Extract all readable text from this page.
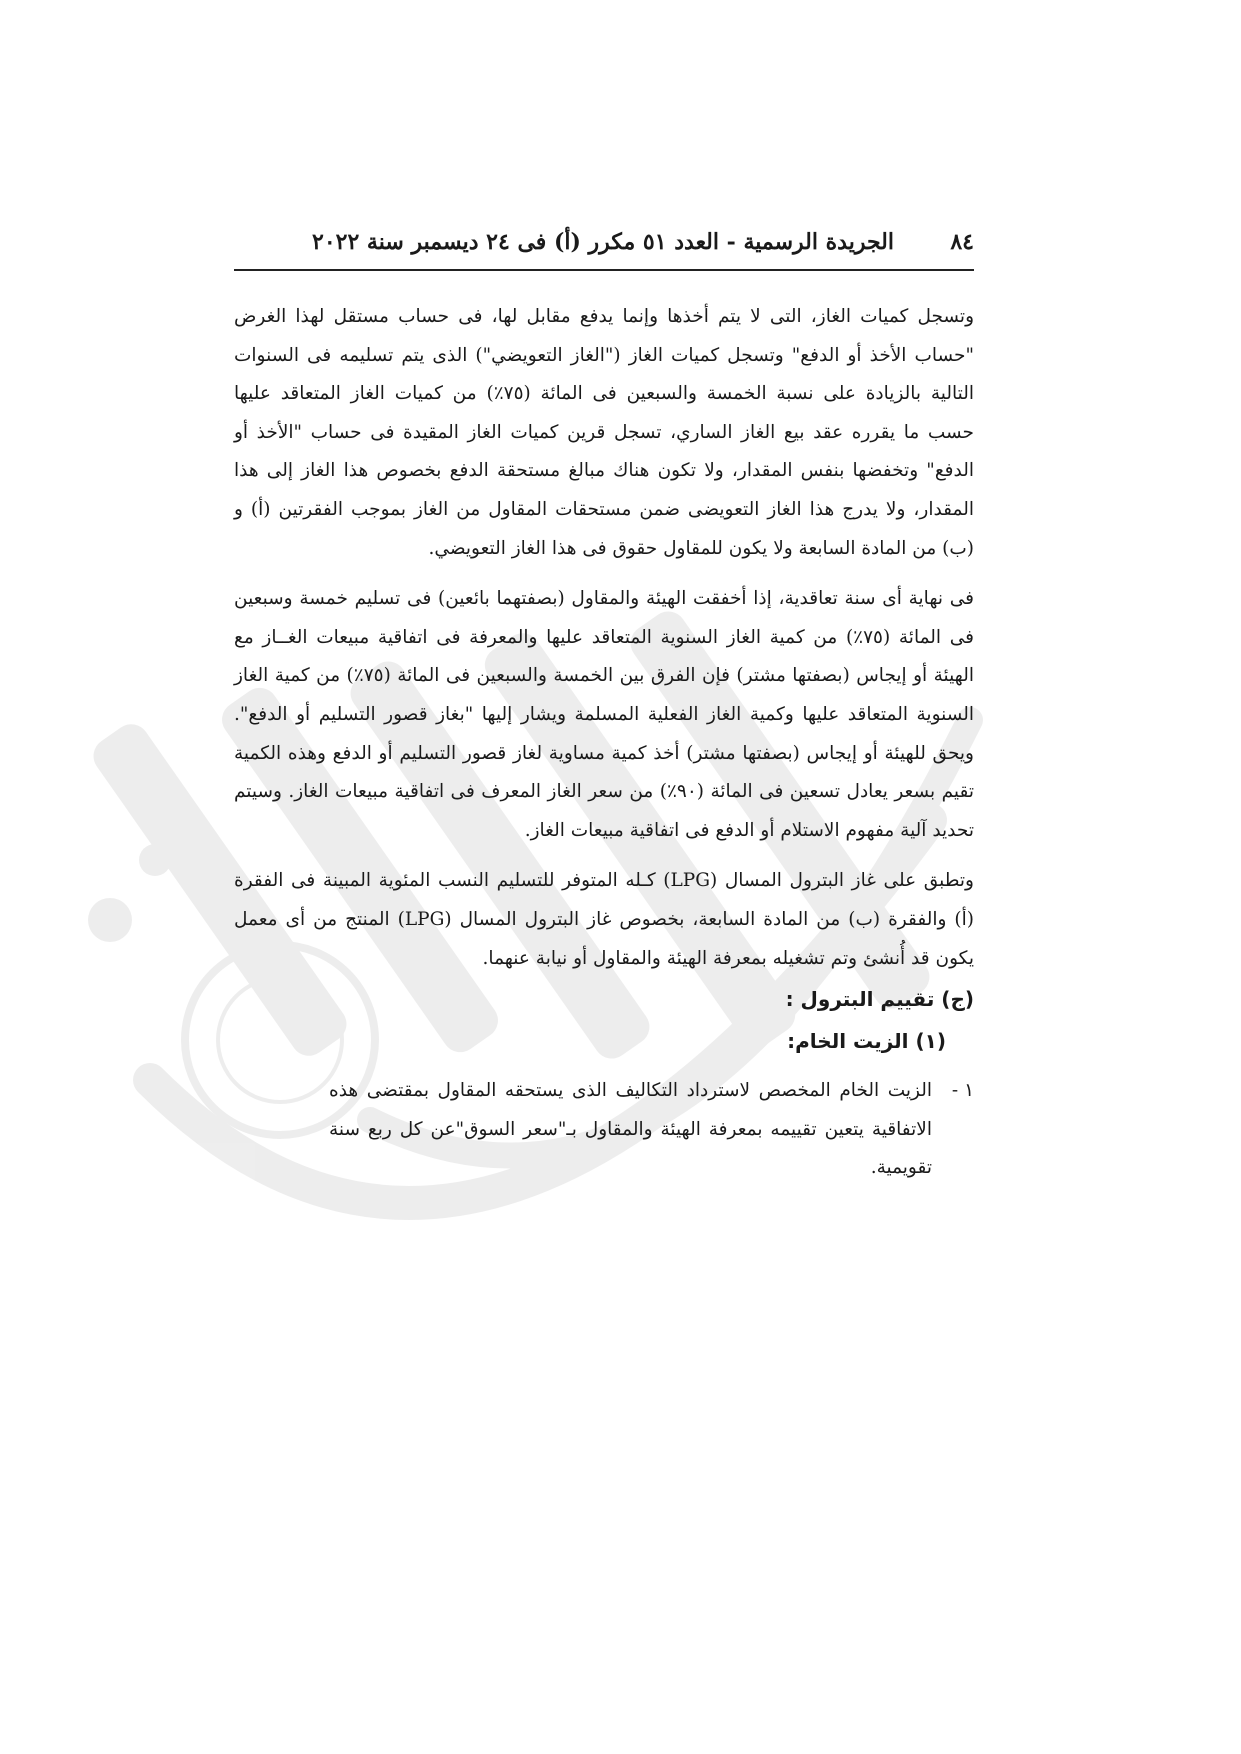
٨٤
الجريدة الرسمية - العدد ٥١ مكرر (أ) فى ٢٤ ديسمبر سنة ٢٠٢٢

وتسجل كميات الغاز، التى لا يتم أخذها وإنما يدفع مقابل لها، فى حساب مستقل لهذا الغرض "حساب الأخذ أو الدفع" وتسجل كميات الغاز ("الغاز التعويضي") الذى يتم تسليمه فى السنوات التالية بالزيادة على نسبة الخمسة والسبعين فى المائة (٧٥٪) من كميات الغاز المتعاقد عليها حسب ما يقرره عقد بيع الغاز الساري، تسجل قرين كميات الغاز المقيدة فى حساب "الأخذ أو الدفع" وتخفضها بنفس المقدار، ولا تكون هناك مبالغ مستحقة الدفع بخصوص هذا الغاز إلى هذا المقدار، ولا يدرج هذا الغاز التعويضى ضمن مستحقات المقاول من الغاز بموجب الفقرتين (أ) و (ب) من المادة السابعة ولا يكون للمقاول حقوق فى هذا الغاز التعويضي.

فى نهاية أى سنة تعاقدية، إذا أخفقت الهيئة والمقاول (بصفتهما بائعين) فى تسليم خمسة وسبعين فى المائة (٧٥٪) من كمية الغاز السنوية المتعاقد عليها والمعرفة فى اتفاقية مبيعات الغــاز مع الهيئة أو إيجاس (بصفتها مشتر) فإن الفرق بين الخمسة والسبعين فى المائة (٧٥٪) من كمية الغاز السنوية المتعاقد عليها وكمية الغاز الفعلية المسلمة ويشار إليها "بغاز قصور التسليم أو الدفع". ويحق للهيئة أو إيجاس (بصفتها مشتر) أخذ كمية مساوية لغاز قصور التسليم أو الدفع وهذه الكمية تقيم بسعر يعادل تسعين فى المائة (٩٠٪) من سعر الغاز المعرف فى اتفاقية مبيعات الغاز. وسيتم تحديد آلية مفهوم الاستلام أو الدفع فى اتفاقية مبيعات الغاز.

وتطبق على غاز البترول المسال (LPG) كـله المتوفر للتسليم النسب المئوية المبينة فى الفقرة (أ) والفقرة (ب) من المادة السابعة، بخصوص غاز البترول المسال (LPG) المنتج من أى معمل يكون قد أُنشئ وتم تشغيله بمعرفة الهيئة والمقاول أو نيابة عنهما.

(ج) تقييم البترول :
(١) الزيت الخام:
١ -
الزيت الخام المخصص لاسترداد التكاليف الذى يستحقه المقاول بمقتضى هذه الاتفاقية يتعين تقييمه بمعرفة الهيئة والمقاول بـ"سعر السوق"عن كل ربع سنة تقويمية.
